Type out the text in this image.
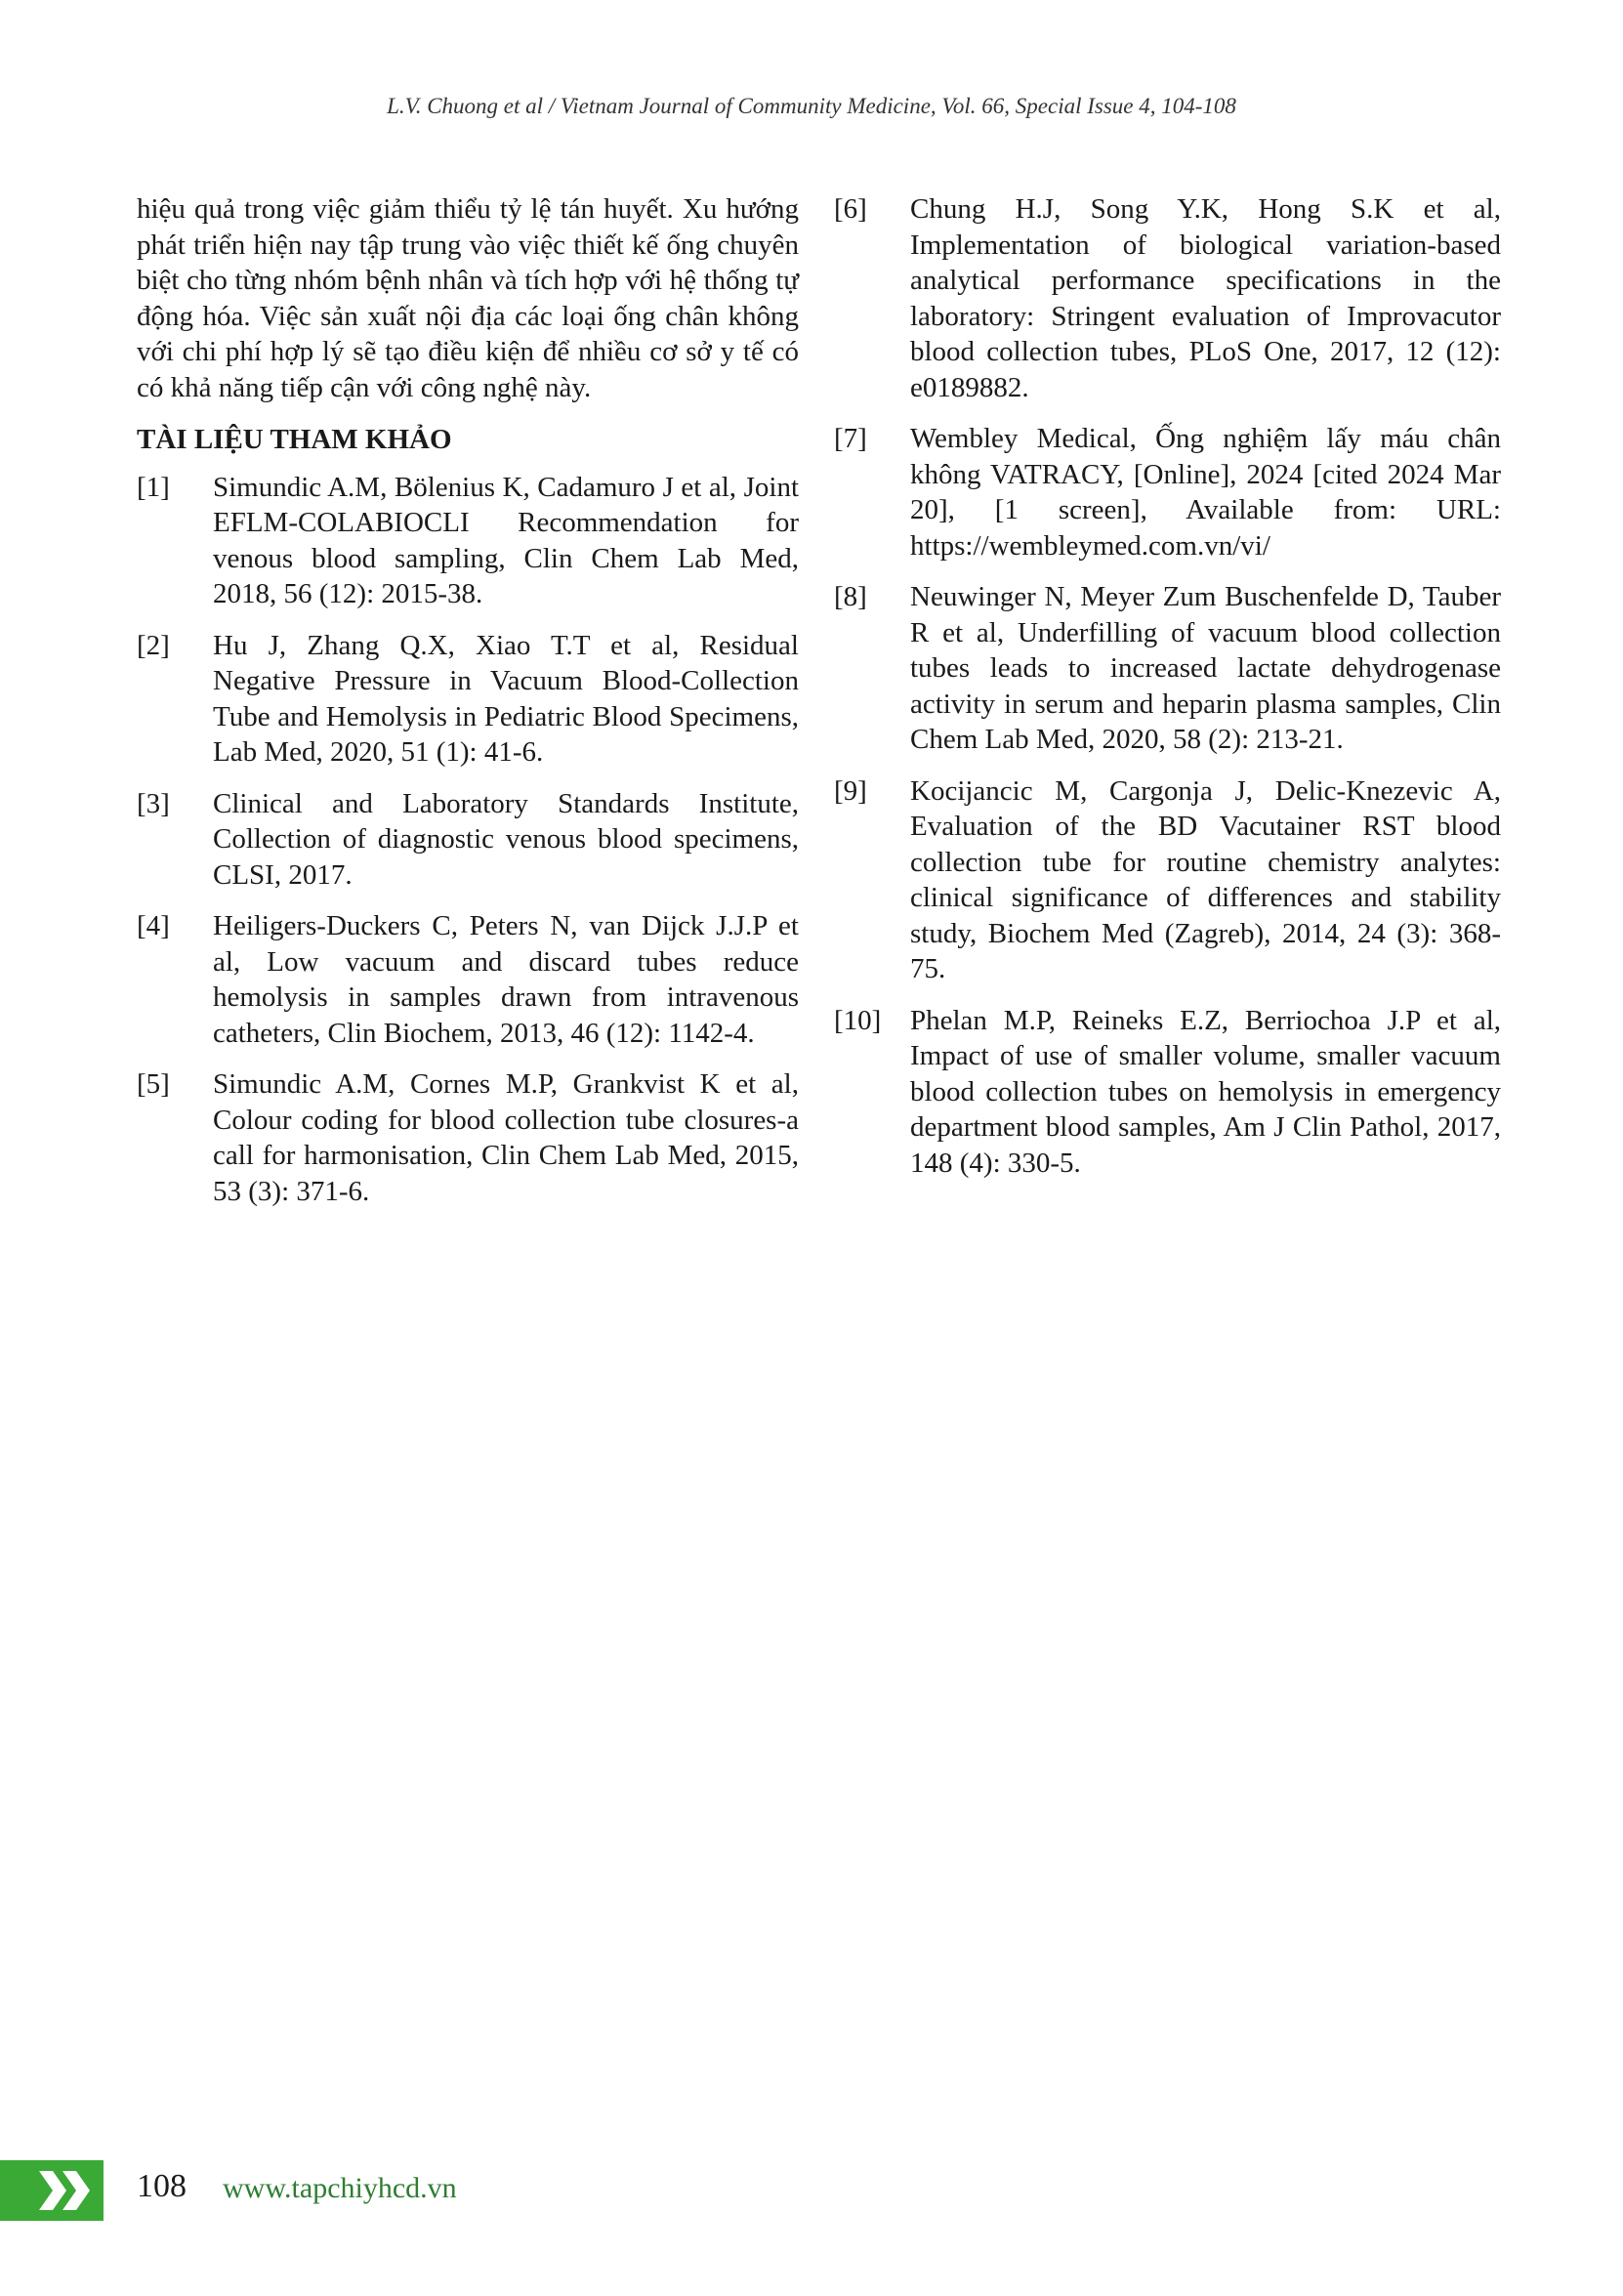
L.V. Chuong et al / Vietnam Journal of Community Medicine, Vol. 66, Special Issue 4, 104-108

hiệu quả trong việc giảm thiểu tỷ lệ tán huyết. Xu hướng phát triển hiện nay tập trung vào việc thiết kế ống chuyên biệt cho từng nhóm bệnh nhân và tích hợp với hệ thống tự động hóa. Việc sản xuất nội địa các loại ống chân không với chi phí hợp lý sẽ tạo điều kiện để nhiều cơ sở y tế có có khả năng tiếp cận với công nghệ này.

TÀI LIỆU THAM KHẢO
[1]	Simundic A.M, Bölenius K, Cadamuro J et al, Joint EFLM-COLABIOCLI Recommendation for venous blood sampling, Clin Chem Lab Med, 2018, 56 (12): 2015-38.
[2]	Hu J, Zhang Q.X, Xiao T.T et al, Residual Negative Pressure in Vacuum Blood-Collection Tube and Hemolysis in Pediatric Blood Specimens, Lab Med, 2020, 51 (1): 41-6.
[3]	Clinical and Laboratory Standards Institute, Collection of diagnostic venous blood specimens, CLSI, 2017.
[4]	Heiligers-Duckers C, Peters N, van Dijck J.J.P et al, Low vacuum and discard tubes reduce hemolysis in samples drawn from intravenous catheters, Clin Biochem, 2013, 46 (12): 1142-4.
[5]	Simundic A.M, Cornes M.P, Grankvist K et al, Colour coding for blood collection tube closures-a call for harmonisation, Clin Chem Lab Med, 2015, 53 (3): 371-6.
[6]	Chung H.J, Song Y.K, Hong S.K et al, Implementation of biological variation-based analytical performance specifications in the laboratory: Stringent evaluation of Improvacutor blood collection tubes, PLoS One, 2017, 12 (12): e0189882.
[7]	Wembley Medical, Ống nghiệm lấy máu chân không VATRACY, [Online], 2024 [cited 2024 Mar 20], [1 screen], Available from: URL: https://wembleymed.com.vn/vi/
[8]	Neuwinger N, Meyer Zum Buschenfelde D, Tauber R et al, Underfilling of vacuum blood collection tubes leads to increased lactate dehydrogenase activity in serum and heparin plasma samples, Clin Chem Lab Med, 2020, 58 (2): 213-21.
[9]	Kocijancic M, Cargonja J, Delic-Knezevic A, Evaluation of the BD Vacutainer RST blood collection tube for routine chemistry analytes: clinical significance of differences and stability study, Biochem Med (Zagreb), 2014, 24 (3): 368-75.
[10]	Phelan M.P, Reineks E.Z, Berriochoa J.P et al, Impact of use of smaller volume, smaller vacuum blood collection tubes on hemolysis in emergency department blood samples, Am J Clin Pathol, 2017, 148 (4): 330-5.
108 www.tapchiyhcd.vn
